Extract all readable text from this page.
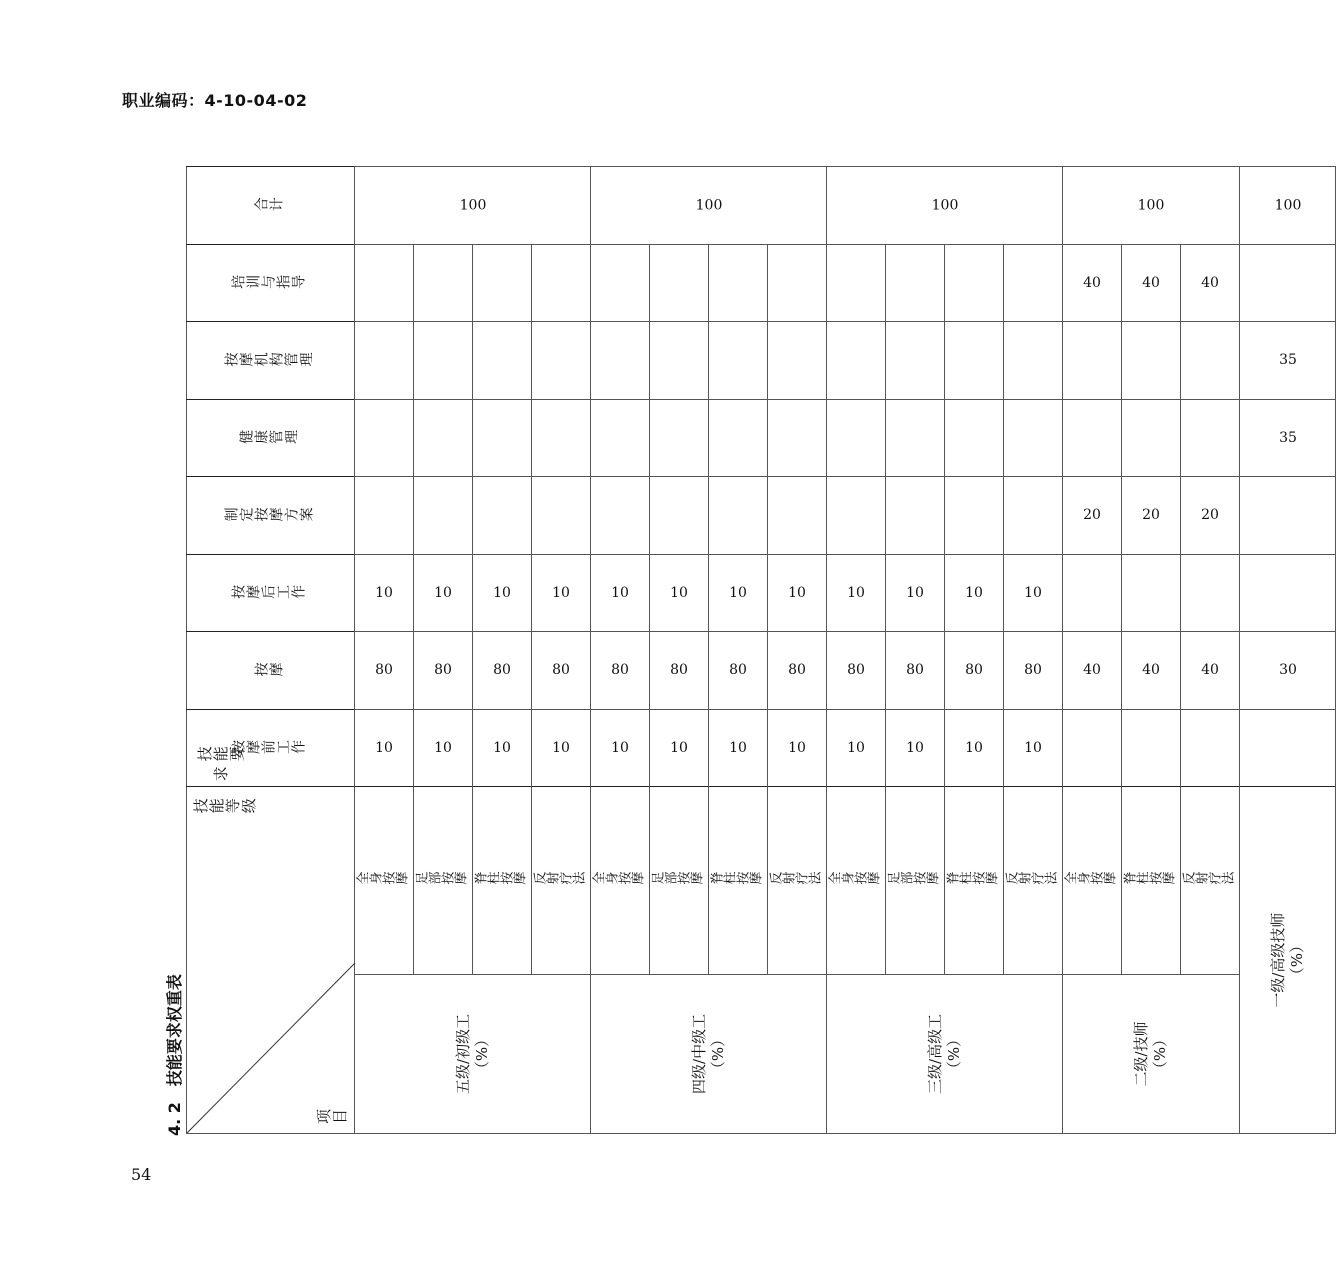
职业编码：4-10-04-02
4. 2技能要求权重表
54
技能等级
项目		技能要求
按摩前工作	按摩	按摩后工作	制定按摩方案	健康管理	按摩机构管理	培训与指导	合计

五级/初级工
（%）	全身按摩	10	80	10					100
	足部按摩	10	80	10					
	脊柱按摩	10	80	10					
	反射疗法	10	80	10					

四级/中级工
（%）	全身按摩	10	80	10					100
	足部按摩	10	80	10					
	脊柱按摩	10	80	10					
	反射疗法	10	80	10					

三级/高级工
（%）	全身按摩	10	80	10					100
	足部按摩	10	80	10					
	脊柱按摩	10	80	10					
	反射疗法	10	80	10					

二级/技师
（%）	全身按摩		40		20			40	100
	脊柱按摩		40		20			40	
	反射疗法		40		20			40	

一级/高级技师
（%）			30			35	35		100
